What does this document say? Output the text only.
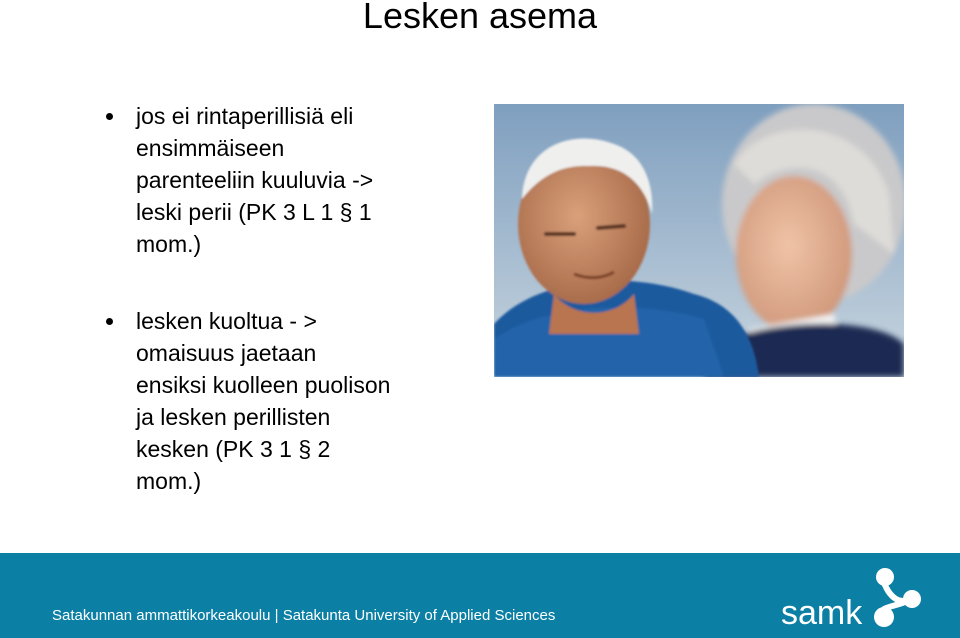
Lesken asema
jos ei rintaperillisiä eli
ensimmäiseen
parenteeliin kuuluvia ->
leski perii (PK 3 L 1 § 1
mom.)
lesken kuoltua - >
omaisuus jaetaan
ensiksi kuolleen puolison
ja lesken perillisten
kesken (PK 3 1 § 2
mom.)
Satakunnan ammattikorkeakoulu | Satakunta University of Applied Sciences	samk
